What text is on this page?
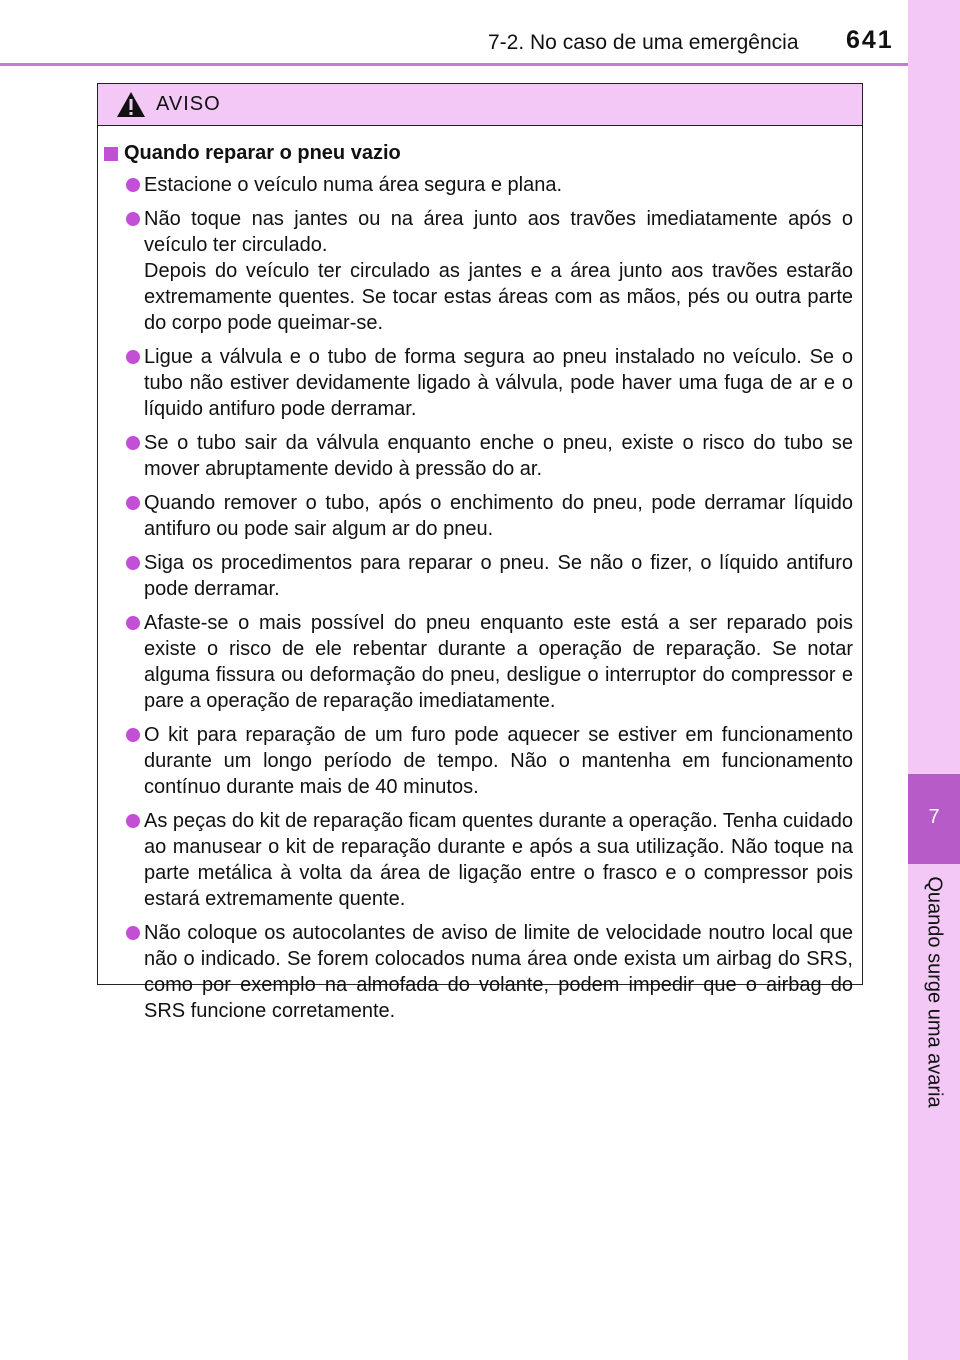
7-2. No caso de uma emergência 641
7
Quando surge uma avaria
AVISO
Quando reparar o pneu vazio
Estacione o veículo numa área segura e plana.
Não toque nas jantes ou na área junto aos travões imediatamente após o veículo ter circulado.
Depois do veículo ter circulado as jantes e a área junto aos travões estarão extremamente quentes. Se tocar estas áreas com as mãos, pés ou outra parte do corpo pode queimar-se.
Ligue a válvula e o tubo de forma segura ao pneu instalado no veículo. Se o tubo não estiver devidamente ligado à válvula, pode haver uma fuga de ar e o líquido antifuro pode derramar.
Se o tubo sair da válvula enquanto enche o pneu, existe o risco do tubo se mover abruptamente devido à pressão do ar.
Quando remover o tubo, após o enchimento do pneu, pode derramar líquido antifuro ou pode sair algum ar do pneu.
Siga os procedimentos para reparar o pneu. Se não o fizer, o líquido antifuro pode derramar.
Afaste-se o mais possível do pneu enquanto este está a ser reparado pois existe o risco de ele rebentar durante a operação de reparação. Se notar alguma fissura ou deformação do pneu, desligue o interruptor do compressor e pare a operação de reparação imediatamente.
O kit para reparação de um furo pode aquecer se estiver em funcionamento durante um longo período de tempo. Não o mantenha em funcionamento contínuo durante mais de 40 minutos.
As peças do kit de reparação ficam quentes durante a operação. Tenha cuidado ao manusear o kit de reparação durante e após a sua utilização. Não toque na parte metálica à volta da área de ligação entre o frasco e o compressor pois estará extremamente quente.
Não coloque os autocolantes de aviso de limite de velocidade noutro local que não o indicado. Se forem colocados numa área onde exista um airbag do SRS, como por exemplo na almofada do volante, podem impedir que o airbag do SRS funcione corretamente.
